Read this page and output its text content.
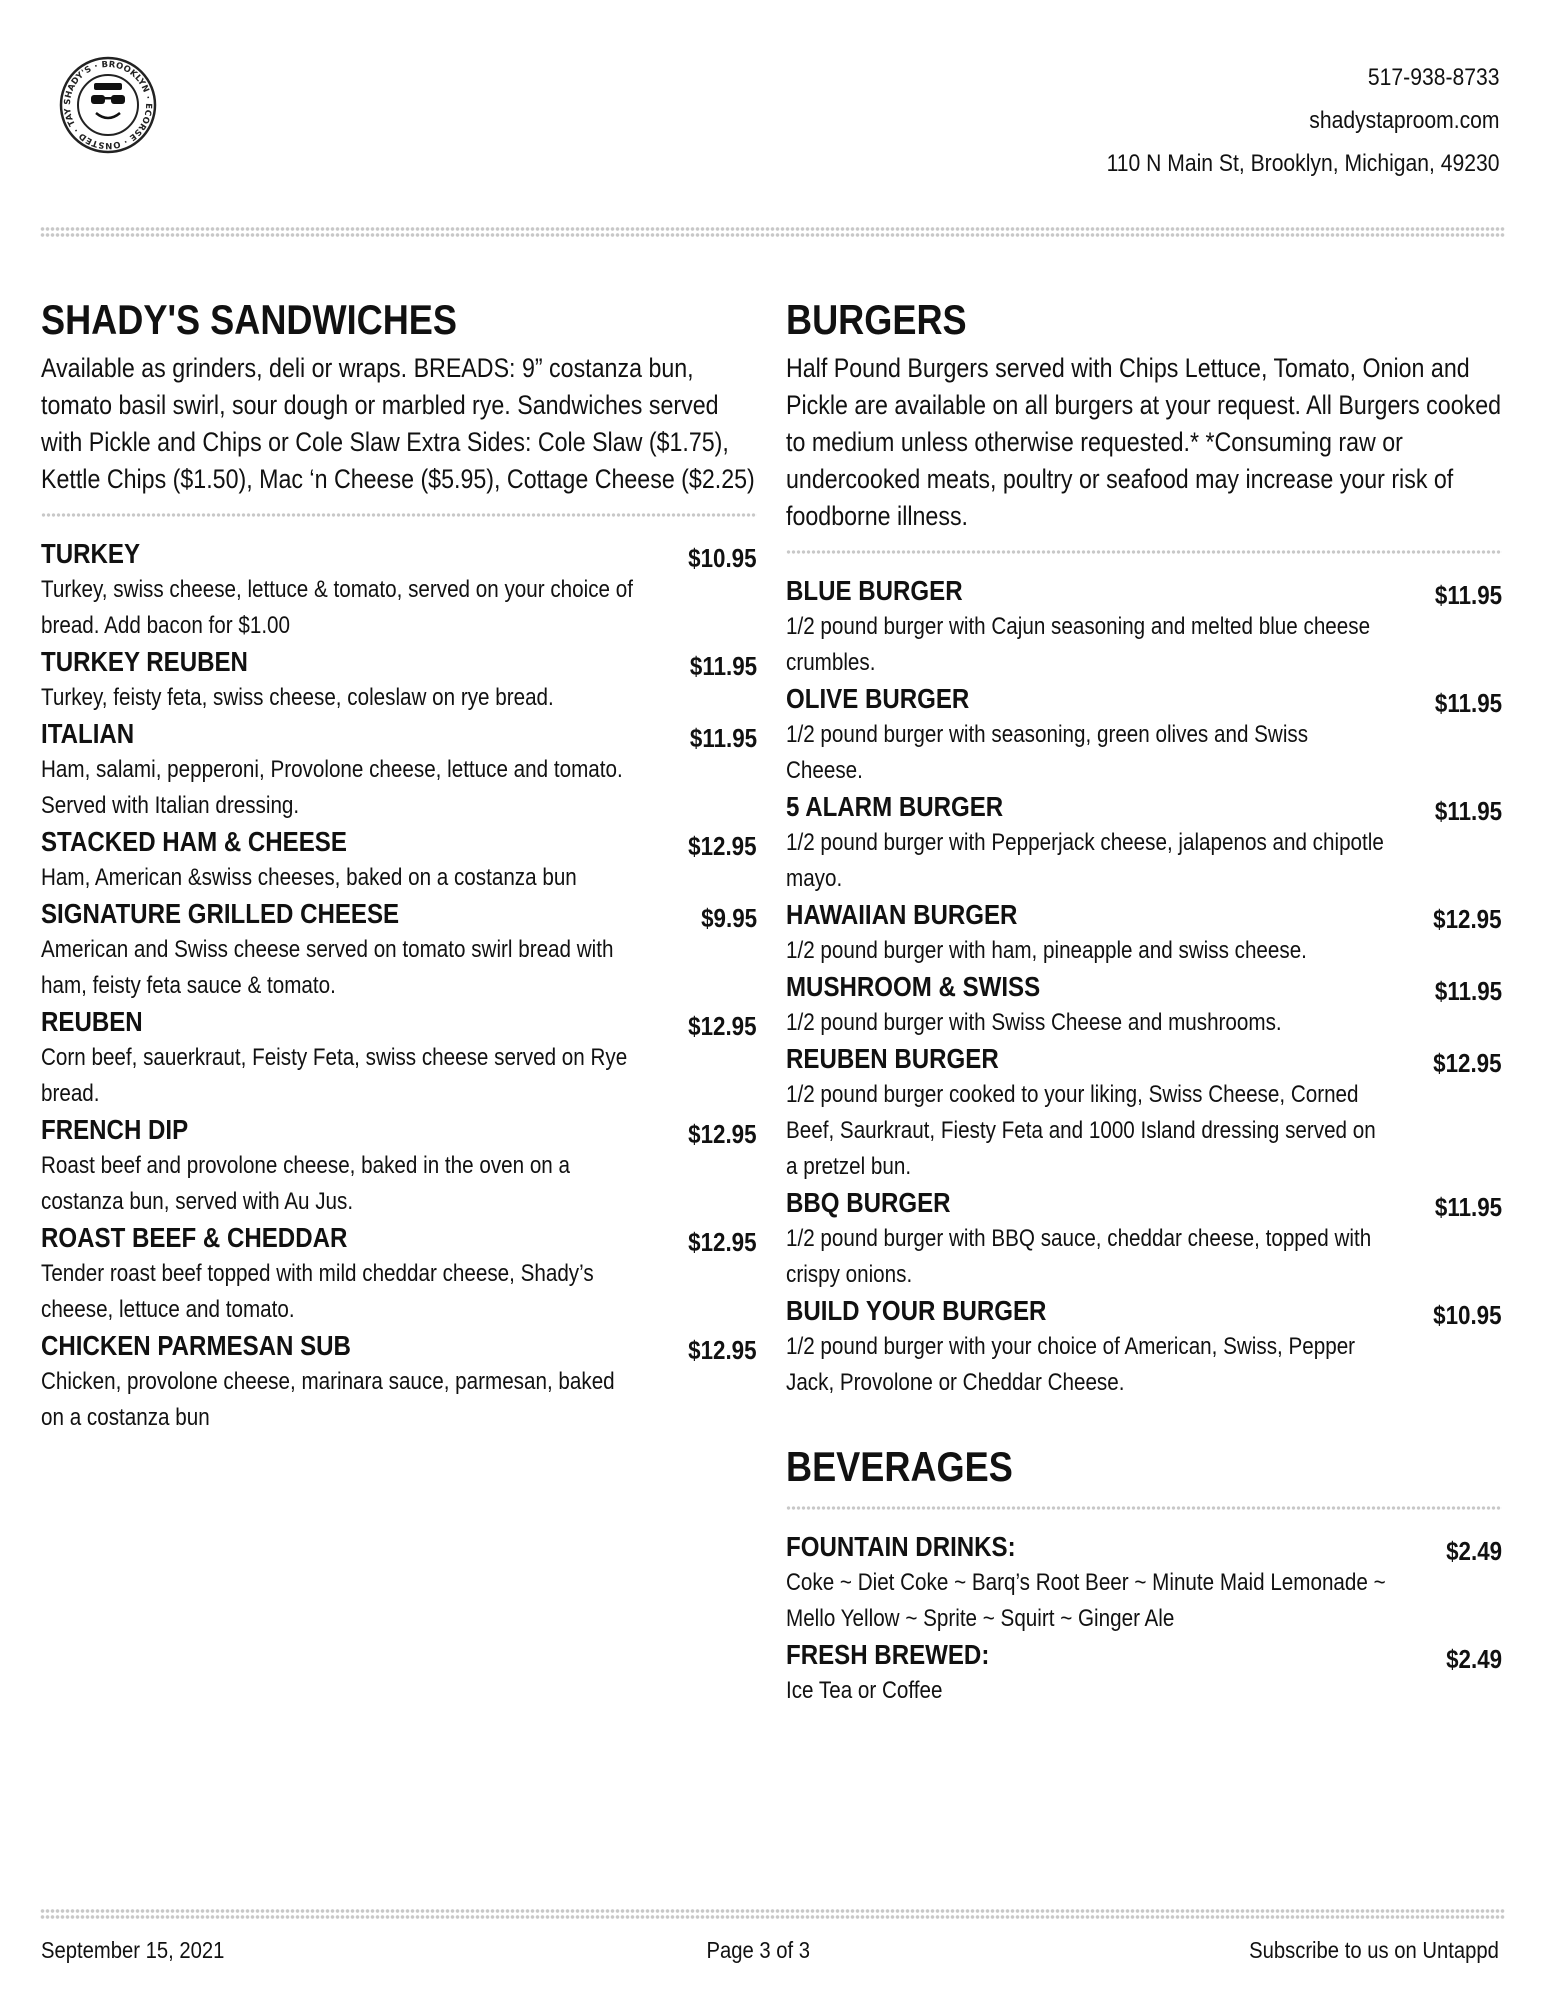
SHADY'S · BROOKLYN · ECORSE · ONSTED · TAY
517-938-8733
shadystaproom.com
110 N Main St, Brooklyn, Michigan, 49230
SHADY'S SANDWICHES
Available as grinders, deli or wraps. BREADS: 9” costanza bun, tomato basil swirl, sour dough or marbled rye. Sandwiches served with Pickle and Chips or Cole Slaw Extra Sides: Cole Slaw ($1.75), Kettle Chips ($1.50), Mac ‘n Cheese ($5.95), Cottage Cheese ($2.25)
TURKEY	$10.95
Turkey, swiss cheese, lettuce & tomato, served on your choice of bread. Add bacon for $1.00
TURKEY REUBEN	$11.95
Turkey, feisty feta, swiss cheese, coleslaw on rye bread.
ITALIAN	$11.95
Ham, salami, pepperoni, Provolone cheese, lettuce and tomato. Served with Italian dressing.
STACKED HAM & CHEESE	$12.95
Ham, American &swiss cheeses, baked on a costanza bun
SIGNATURE GRILLED CHEESE	$9.95
American and Swiss cheese served on tomato swirl bread with ham, feisty feta sauce & tomato.
REUBEN	$12.95
Corn beef, sauerkraut, Feisty Feta, swiss cheese served on Rye bread.
FRENCH DIP	$12.95
Roast beef and provolone cheese, baked in the oven on a costanza bun, served with Au Jus.
ROAST BEEF & CHEDDAR	$12.95
Tender roast beef topped with mild cheddar cheese, Shady’s cheese, lettuce and tomato.
CHICKEN PARMESAN SUB	$12.95
Chicken, provolone cheese, marinara sauce, parmesan, baked on a costanza bun
BURGERS
Half Pound Burgers served with Chips Lettuce, Tomato, Onion and Pickle are available on all burgers at your request. All Burgers cooked to medium unless otherwise requested.* *Consuming raw or undercooked meats, poultry or seafood may increase your risk of foodborne illness.
BLUE BURGER	$11.95
1/2 pound burger with Cajun seasoning and melted blue cheese crumbles.
OLIVE BURGER	$11.95
1/2 pound burger with seasoning, green olives and Swiss Cheese.
5 ALARM BURGER	$11.95
1/2 pound burger with Pepperjack cheese, jalapenos and chipotle mayo.
HAWAIIAN BURGER	$12.95
1/2 pound burger with ham, pineapple and swiss cheese.
MUSHROOM & SWISS	$11.95
1/2 pound burger with Swiss Cheese and mushrooms.
REUBEN BURGER	$12.95
1/2 pound burger cooked to your liking, Swiss Cheese, Corned Beef, Saurkraut, Fiesty Feta and 1000 Island dressing served on a pretzel bun.
BBQ BURGER	$11.95
1/2 pound burger with BBQ sauce, cheddar cheese, topped with crispy onions.
BUILD YOUR BURGER	$10.95
1/2 pound burger with your choice of American, Swiss, Pepper Jack, Provolone or Cheddar Cheese.
BEVERAGES
FOUNTAIN DRINKS:	$2.49
Coke ~ Diet Coke ~ Barq’s Root Beer ~ Minute Maid Lemonade ~ Mello Yellow ~ Sprite ~ Squirt ~ Ginger Ale
FRESH BREWED:	$2.49
Ice Tea or Coffee
September 15, 2021	Page 3 of 3	Subscribe to us on Untappd
